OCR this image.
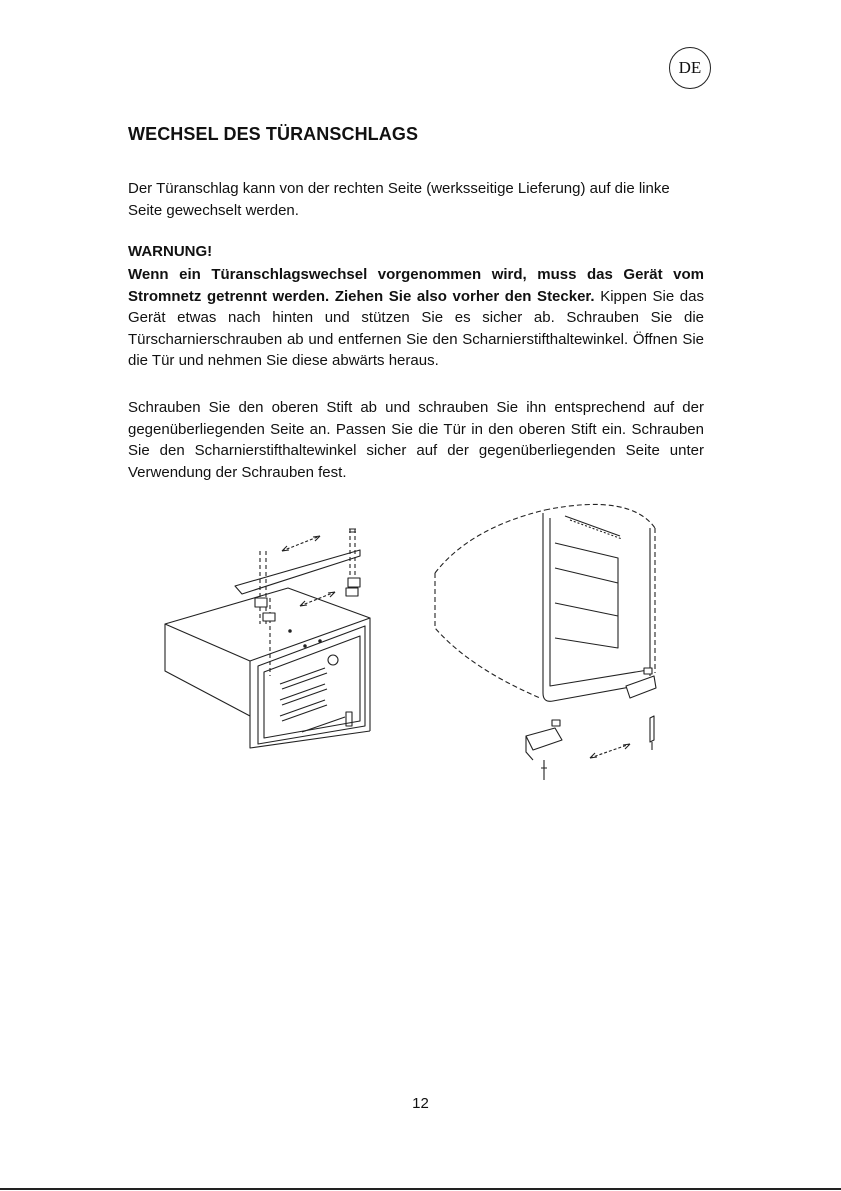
DE
WECHSEL DES TÜRANSCHLAGS

Der Türanschlag kann von der rechten Seite (werksseitige Lieferung) auf die linke Seite gewechselt werden.

WARNUNG!

Wenn ein Türanschlagswechsel vorgenommen wird, muss das Gerät vom Stromnetz getrennt werden. Ziehen Sie also vorher den Stecker. Kippen Sie das Gerät etwas nach hinten und stützen Sie es sicher ab. Schrauben Sie die Türscharnierschrauben ab und entfernen Sie den Scharnierstifthaltewinkel. Öffnen Sie die Tür und nehmen Sie diese abwärts heraus.

Schrauben Sie den oberen Stift ab und schrauben Sie ihn entsprechend auf der gegenüberliegenden Seite an. Passen Sie die Tür in den oberen Stift ein. Schrauben Sie den Scharnierstifthaltewinkel sicher auf der gegenüberliegenden Seite unter Verwendung der Schrauben fest.

12
